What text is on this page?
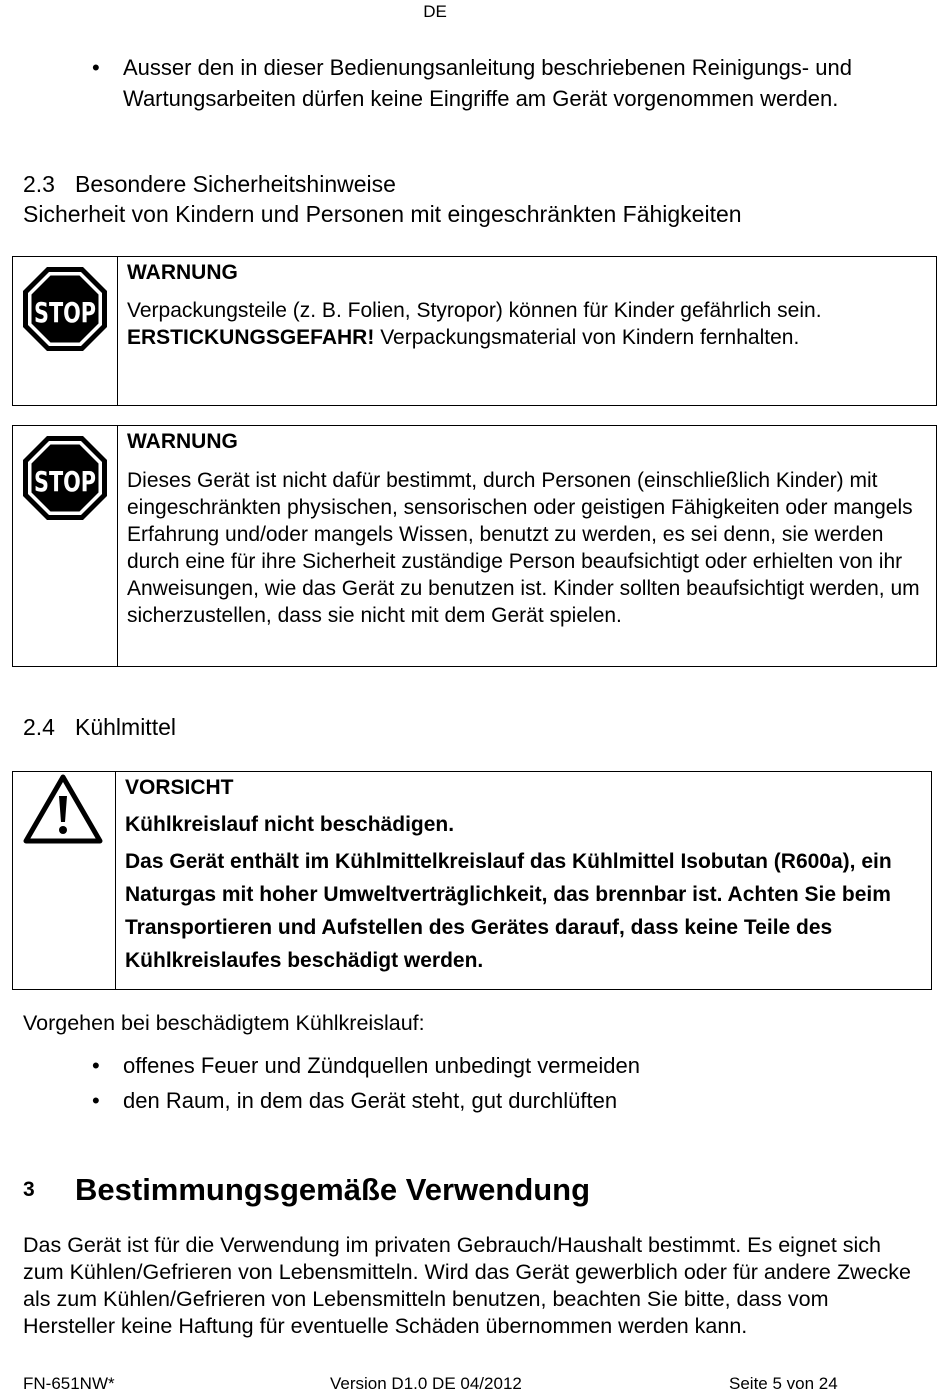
DE
• Ausser den in dieser Bedienungsanleitung beschriebenen Reinigungs- und Wartungsarbeiten dürfen keine Eingriffe am Gerät vorgenommen werden.
2.3 Besondere Sicherheitshinweise
Sicherheit von Kindern und Personen mit eingeschränkten Fähigkeiten
STOP
WARNUNG
Verpackungsteile (z. B. Folien, Styropor) können für Kinder gefährlich sein.
ERSTICKUNGSGEFAHR! Verpackungsmaterial von Kindern fernhalten.
STOP
WARNUNG
Dieses Gerät ist nicht dafür bestimmt, durch Personen (einschließlich Kinder) mit eingeschränkten physischen, sensorischen oder geistigen Fähigkeiten oder mangels Erfahrung und/oder mangels Wissen, benutzt zu werden, es sei denn, sie werden durch eine für ihre Sicherheit zuständige Person beaufsichtigt oder erhielten von ihr Anweisungen, wie das Gerät zu benutzen ist. Kinder sollten beaufsichtigt werden, um sicherzustellen, dass sie nicht mit dem Gerät spielen.
2.4 Kühlmittel
VORSICHT
Kühlkreislauf nicht beschädigen.
Das Gerät enthält im Kühlmittelkreislauf das Kühlmittel Isobutan (R600a), ein Naturgas mit hoher Umweltverträglichkeit, das brennbar ist. Achten Sie beim Transportieren und Aufstellen des Gerätes darauf, dass keine Teile des Kühlkreislaufes beschädigt werden.
Vorgehen bei beschädigtem Kühlkreislauf:
• offenes Feuer und Zündquellen unbedingt vermeiden
• den Raum, in dem das Gerät steht, gut durchlüften
3 Bestimmungsgemäße Verwendung
Das Gerät ist für die Verwendung im privaten Gebrauch/Haushalt bestimmt. Es eignet sich zum Kühlen/Gefrieren von Lebensmitteln. Wird das Gerät gewerblich oder für andere Zwecke als zum Kühlen/Gefrieren von Lebensmitteln benutzen, beachten Sie bitte, dass vom Hersteller keine Haftung für eventuelle Schäden übernommen werden kann.
FN-651NW*	Version D1.0 DE 04/2012	Seite 5 von 24
